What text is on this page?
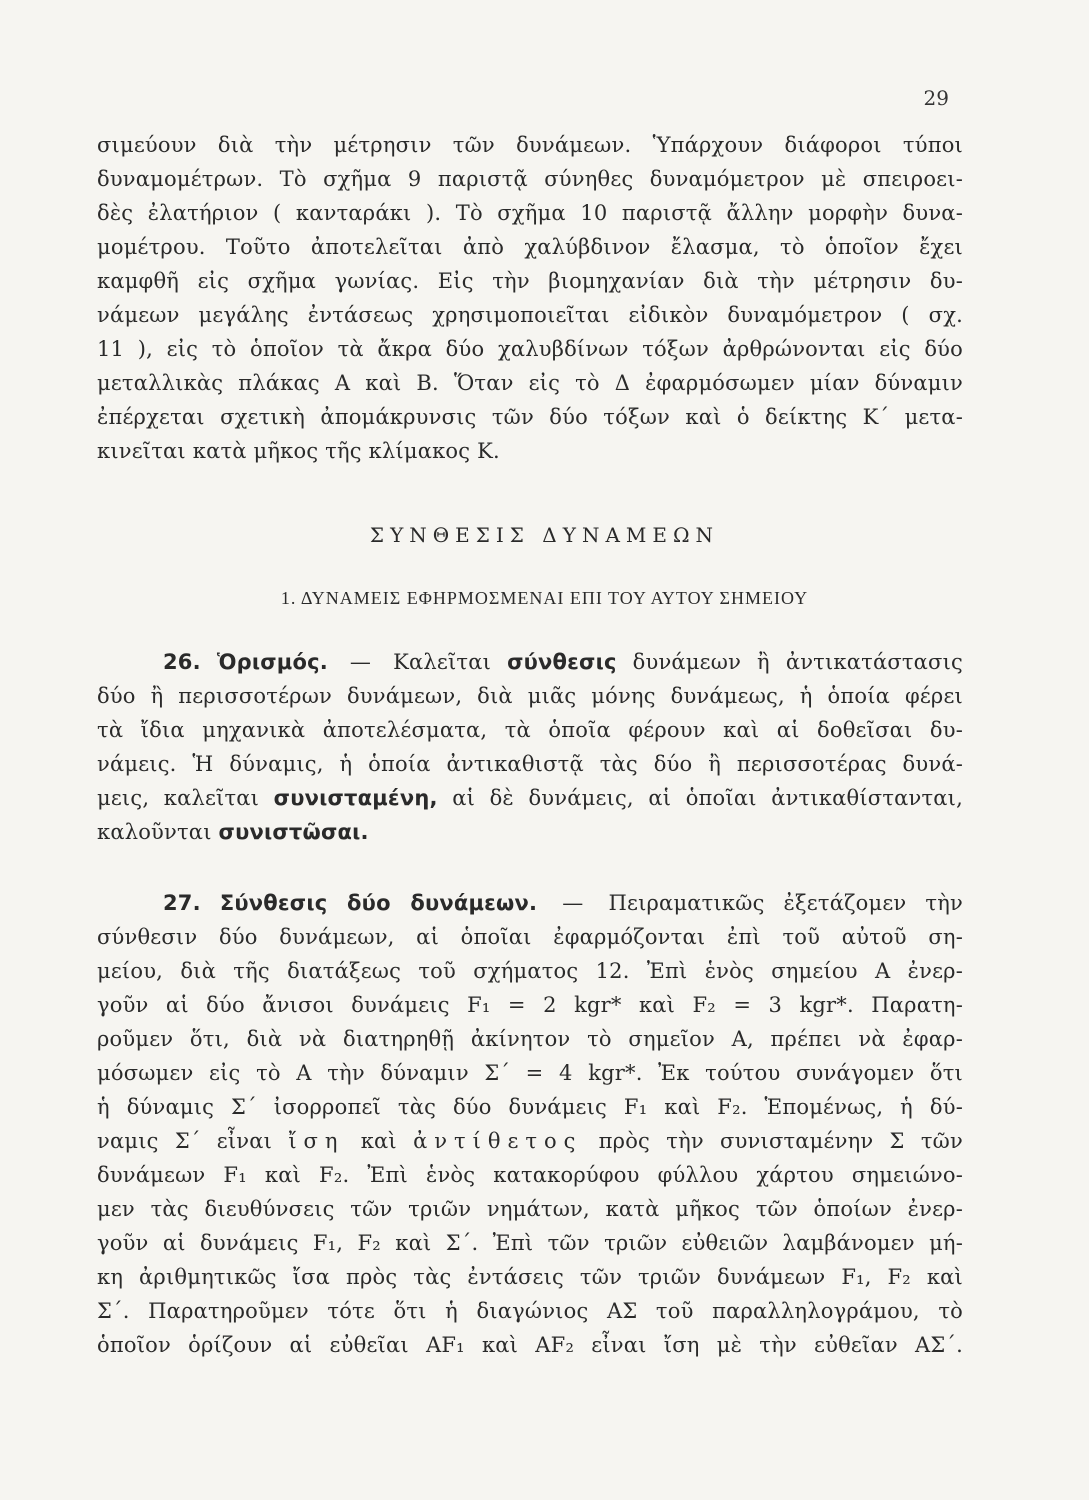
29
σιμεύουν διὰ τὴν μέτρησιν τῶν δυνάμεων. Ὑπάρχουν διάφοροι τύποι
δυναμομέτρων. Τὸ σχῆμα 9 παριστᾷ σύνηθες δυναμόμετρον μὲ σπειροει-
δὲς ἐλατήριον ( κανταράκι ). Τὸ σχῆμα 10 παριστᾷ ἄλλην μορφὴν δυνα-
μομέτρου. Τοῦτο ἀποτελεῖται ἀπὸ χαλύβδινον ἔλασμα, τὸ ὁποῖον ἔχει
καμφθῆ εἰς σχῆμα γωνίας. Εἰς τὴν βιομηχανίαν διὰ τὴν μέτρησιν δυ-
νάμεων μεγάλης ἐντάσεως χρησιμοποιεῖται εἰδικὸν δυναμόμετρον ( σχ.
11 ), εἰς τὸ ὁποῖον τὰ ἄκρα δύο χαλυβδίνων τόξων ἀρθρώνονται εἰς δύο
μεταλλικὰς πλάκας Α καὶ Β. Ὅταν εἰς τὸ Δ ἐφαρμόσωμεν μίαν δύναμιν
ἐπέρχεται σχετικὴ ἀπομάκρυνσις τῶν δύο τόξων καὶ ὁ δείκτης Κ΄ μετα-
κινεῖται κατὰ μῆκος τῆς κλίμακος Κ.
ΣΥΝΘΕΣΙΣ ΔΥΝΑΜΕΩΝ
1. ΔΥΝΑΜΕΙΣ ΕΦΗΡΜΟΣΜΕΝΑΙ ΕΠΙ ΤΟΥ ΑΥΤΟΥ ΣΗΜΕΙΟΥ
26. Ὁρισμός. — Καλεῖται σύνθεσις δυνάμεων ἢ ἀντικατάστασις
δύο ἢ περισσοτέρων δυνάμεων, διὰ μιᾶς μόνης δυνάμεως, ἡ ὁποία φέρει
τὰ ἴδια μηχανικὰ ἀποτελέσματα, τὰ ὁποῖα φέρουν καὶ αἱ δοθεῖσαι δυ-
νάμεις. Ἡ δύναμις, ἡ ὁποία ἀντικαθιστᾷ τὰς δύο ἢ περισσοτέρας δυνά-
μεις, καλεῖται συνισταμένη, αἱ δὲ δυνάμεις, αἱ ὁποῖαι ἀντικαθίστανται,
καλοῦνται συνιστῶσαι.
27. Σύνθεσις δύο δυνάμεων. — Πειραματικῶς ἐξετάζομεν τὴν
σύνθεσιν δύο δυνάμεων, αἱ ὁποῖαι ἐφαρμόζονται ἐπὶ τοῦ αὐτοῦ ση-
μείου, διὰ τῆς διατάξεως τοῦ σχήματος 12. Ἐπὶ ἑνὸς σημείου Α ἐνερ-
γοῦν αἱ δύο ἄνισοι δυνάμεις F₁ = 2 kgr* καὶ F₂ = 3 kgr*. Παρατη-
ροῦμεν ὅτι, διὰ νὰ διατηρηθῇ ἀκίνητον τὸ σημεῖον Α, πρέπει νὰ ἐφαρ-
μόσωμεν εἰς τὸ Α τὴν δύναμιν Σ΄ = 4 kgr*. Ἐκ τούτου συνάγομεν ὅτι
ἡ δύναμις Σ΄ ἰσορροπεῖ τὰς δύο δυνάμεις F₁ καὶ F₂. Ἑπομένως, ἡ δύ-
ναμις Σ΄ εἶναι ἴση καὶ ἀντίθετος πρὸς τὴν συνισταμένην Σ τῶν
δυνάμεων F₁ καὶ F₂. Ἐπὶ ἑνὸς κατακορύφου φύλλου χάρτου σημειώνο-
μεν τὰς διευθύνσεις τῶν τριῶν νημάτων, κατὰ μῆκος τῶν ὁποίων ἐνερ-
γοῦν αἱ δυνάμεις F₁, F₂ καὶ Σ΄. Ἐπὶ τῶν τριῶν εὐθειῶν λαμβάνομεν μή-
κη ἀριθμητικῶς ἴσα πρὸς τὰς ἐντάσεις τῶν τριῶν δυνάμεων F₁, F₂ καὶ
Σ΄. Παρατηροῦμεν τότε ὅτι ἡ διαγώνιος ΑΣ τοῦ παραλληλογράμου, τὸ
ὁποῖον ὁρίζουν αἱ εὐθεῖαι ΑF₁ καὶ ΑF₂ εἶναι ἴση μὲ τὴν εὐθεῖαν ΑΣ΄.
